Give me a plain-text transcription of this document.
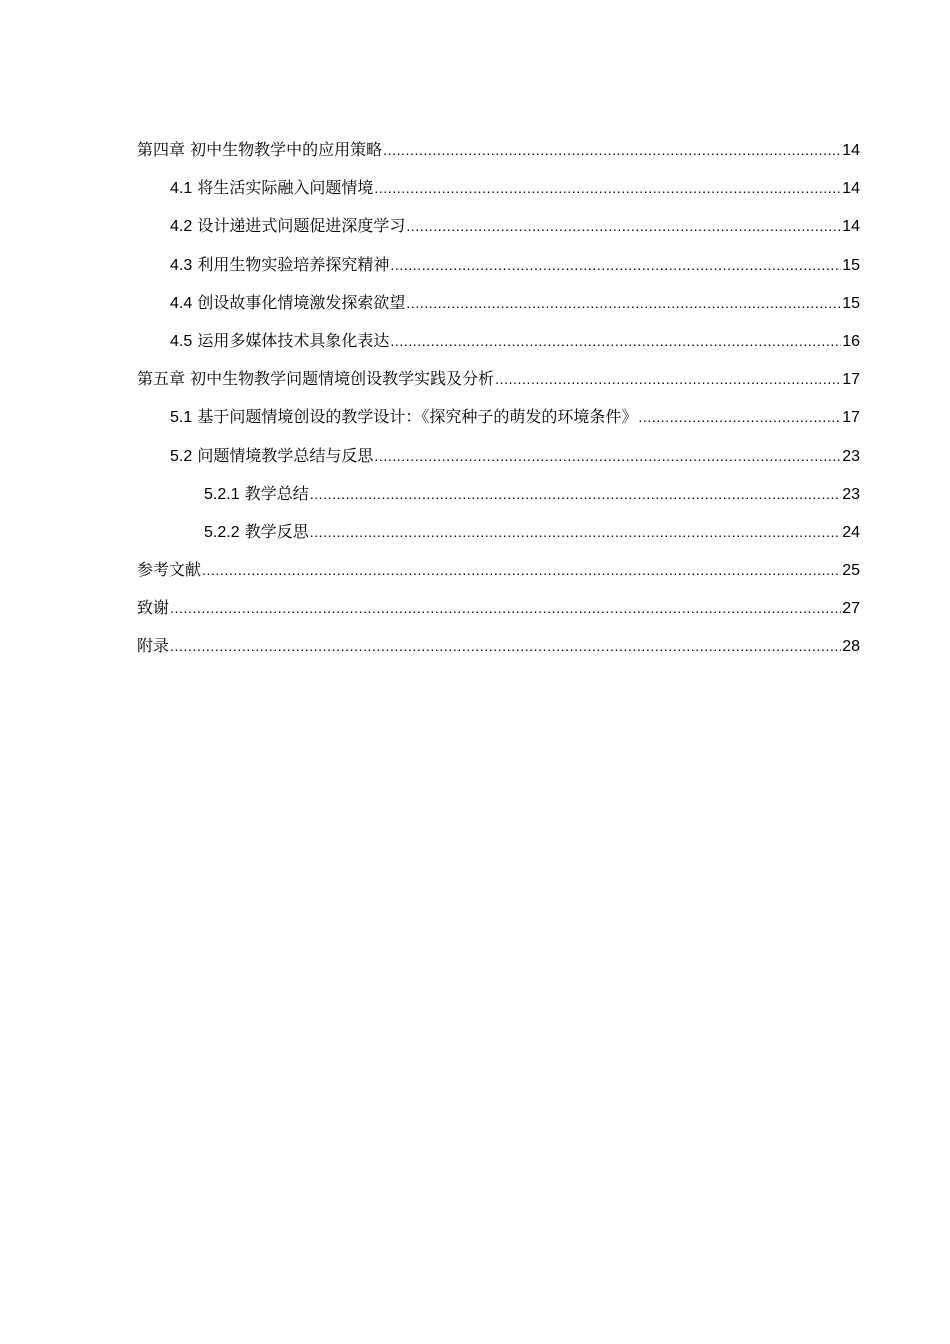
第四章 初中生物教学中的应用策略 .....	14
4.1 将生活实际融入问题情境 .....	14
4.2 设计递进式问题促进深度学习 .....	14
4.3 利用生物实验培养探究精神 .....	15
4.4 创设故事化情境激发探索欲望 .....	15
4.5 运用多媒体技术具象化表达 .....	16
第五章 初中生物教学问题情境创设教学实践及分析 .....	17
5.1 基于问题情境创设的教学设计：《探究种子的萌发的环境条件》 .....	17
5.2 问题情境教学总结与反思 .....	23
5.2.1 教学总结 .....	23
5.2.2 教学反思 .....	24
参考文献 .....	25
致谢 .....	27
附录 .....	28
